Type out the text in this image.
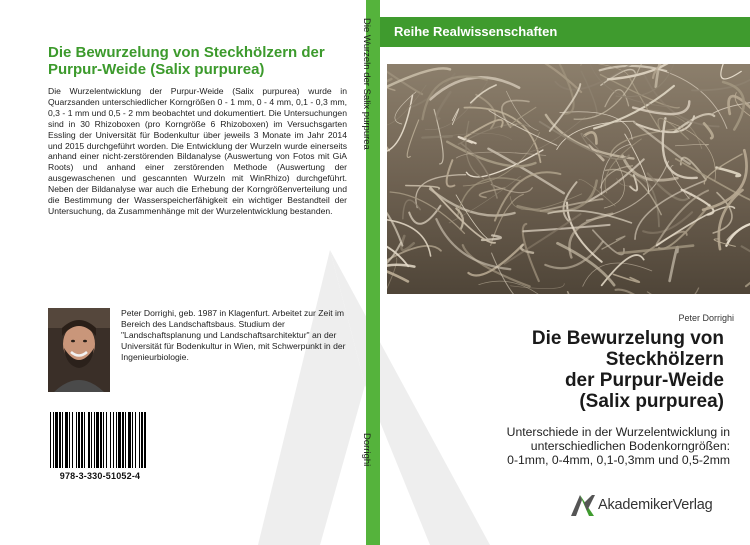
Die Bewurzelung von Steckhölzern der Purpur-Weide (Salix purpurea)

Die Wurzelentwicklung der Purpur-Weide (Salix purpurea) wurde in Quarzsanden unterschiedlicher Korngrößen 0 - 1 mm, 0 - 4 mm, 0,1 - 0,3 mm, 0,3 - 1 mm und 0,5 - 2 mm beobachtet und dokumentiert. Die Untersuchungen sind in 30 Rhizoboxen (pro Korngröße 6 Rhizoboxen) im Versuchsgarten Essling der Universität für Bodenkultur über jeweils 3 Monate im Jahr 2014 und 2015 durchgeführt worden. Die Entwicklung der Wurzeln wurde einerseits anhand einer nicht-zerstörenden Bildanalyse (Auswertung von Fotos mit GiA Roots) und anhand einer zerstörenden Methode (Auswertung der ausgewaschenen und gescannten Wurzeln mit WinRhizo) durchgeführt. Neben der Bildanalyse war auch die Erhebung der Korngrößenverteilung und die Bestimmung der Wasserspeicherfähigkeit ein wichtiger Bestandteil der Untersuchung, da Zusammenhänge mit der Wurzelentwicklung bestanden.

Peter Dorrighi, geb. 1987 in Klagenfurt. Arbeitet zur Zeit im Bereich des Landschaftsbaus. Studium der "Landschaftsplanung und Landschaftsarchitektur" an der Universität für Bodenkultur in Wien, mit Schwerpunkt in der Ingenieurbiologie.

978-3-330-51052-4
Die Wurzeln der Salix purpurea
Dorrighi
Reihe Realwissenschaften
Peter Dorrighi
Die Bewurzelung von
Steckhölzern
der Purpur-Weide
(Salix purpurea)

Unterschiede in der Wurzelentwicklung in
unterschiedlichen Bodenkorngrößen:
0-1mm, 0-4mm, 0,1-0,3mm und 0,5-2mm

AkademikerVerlag
